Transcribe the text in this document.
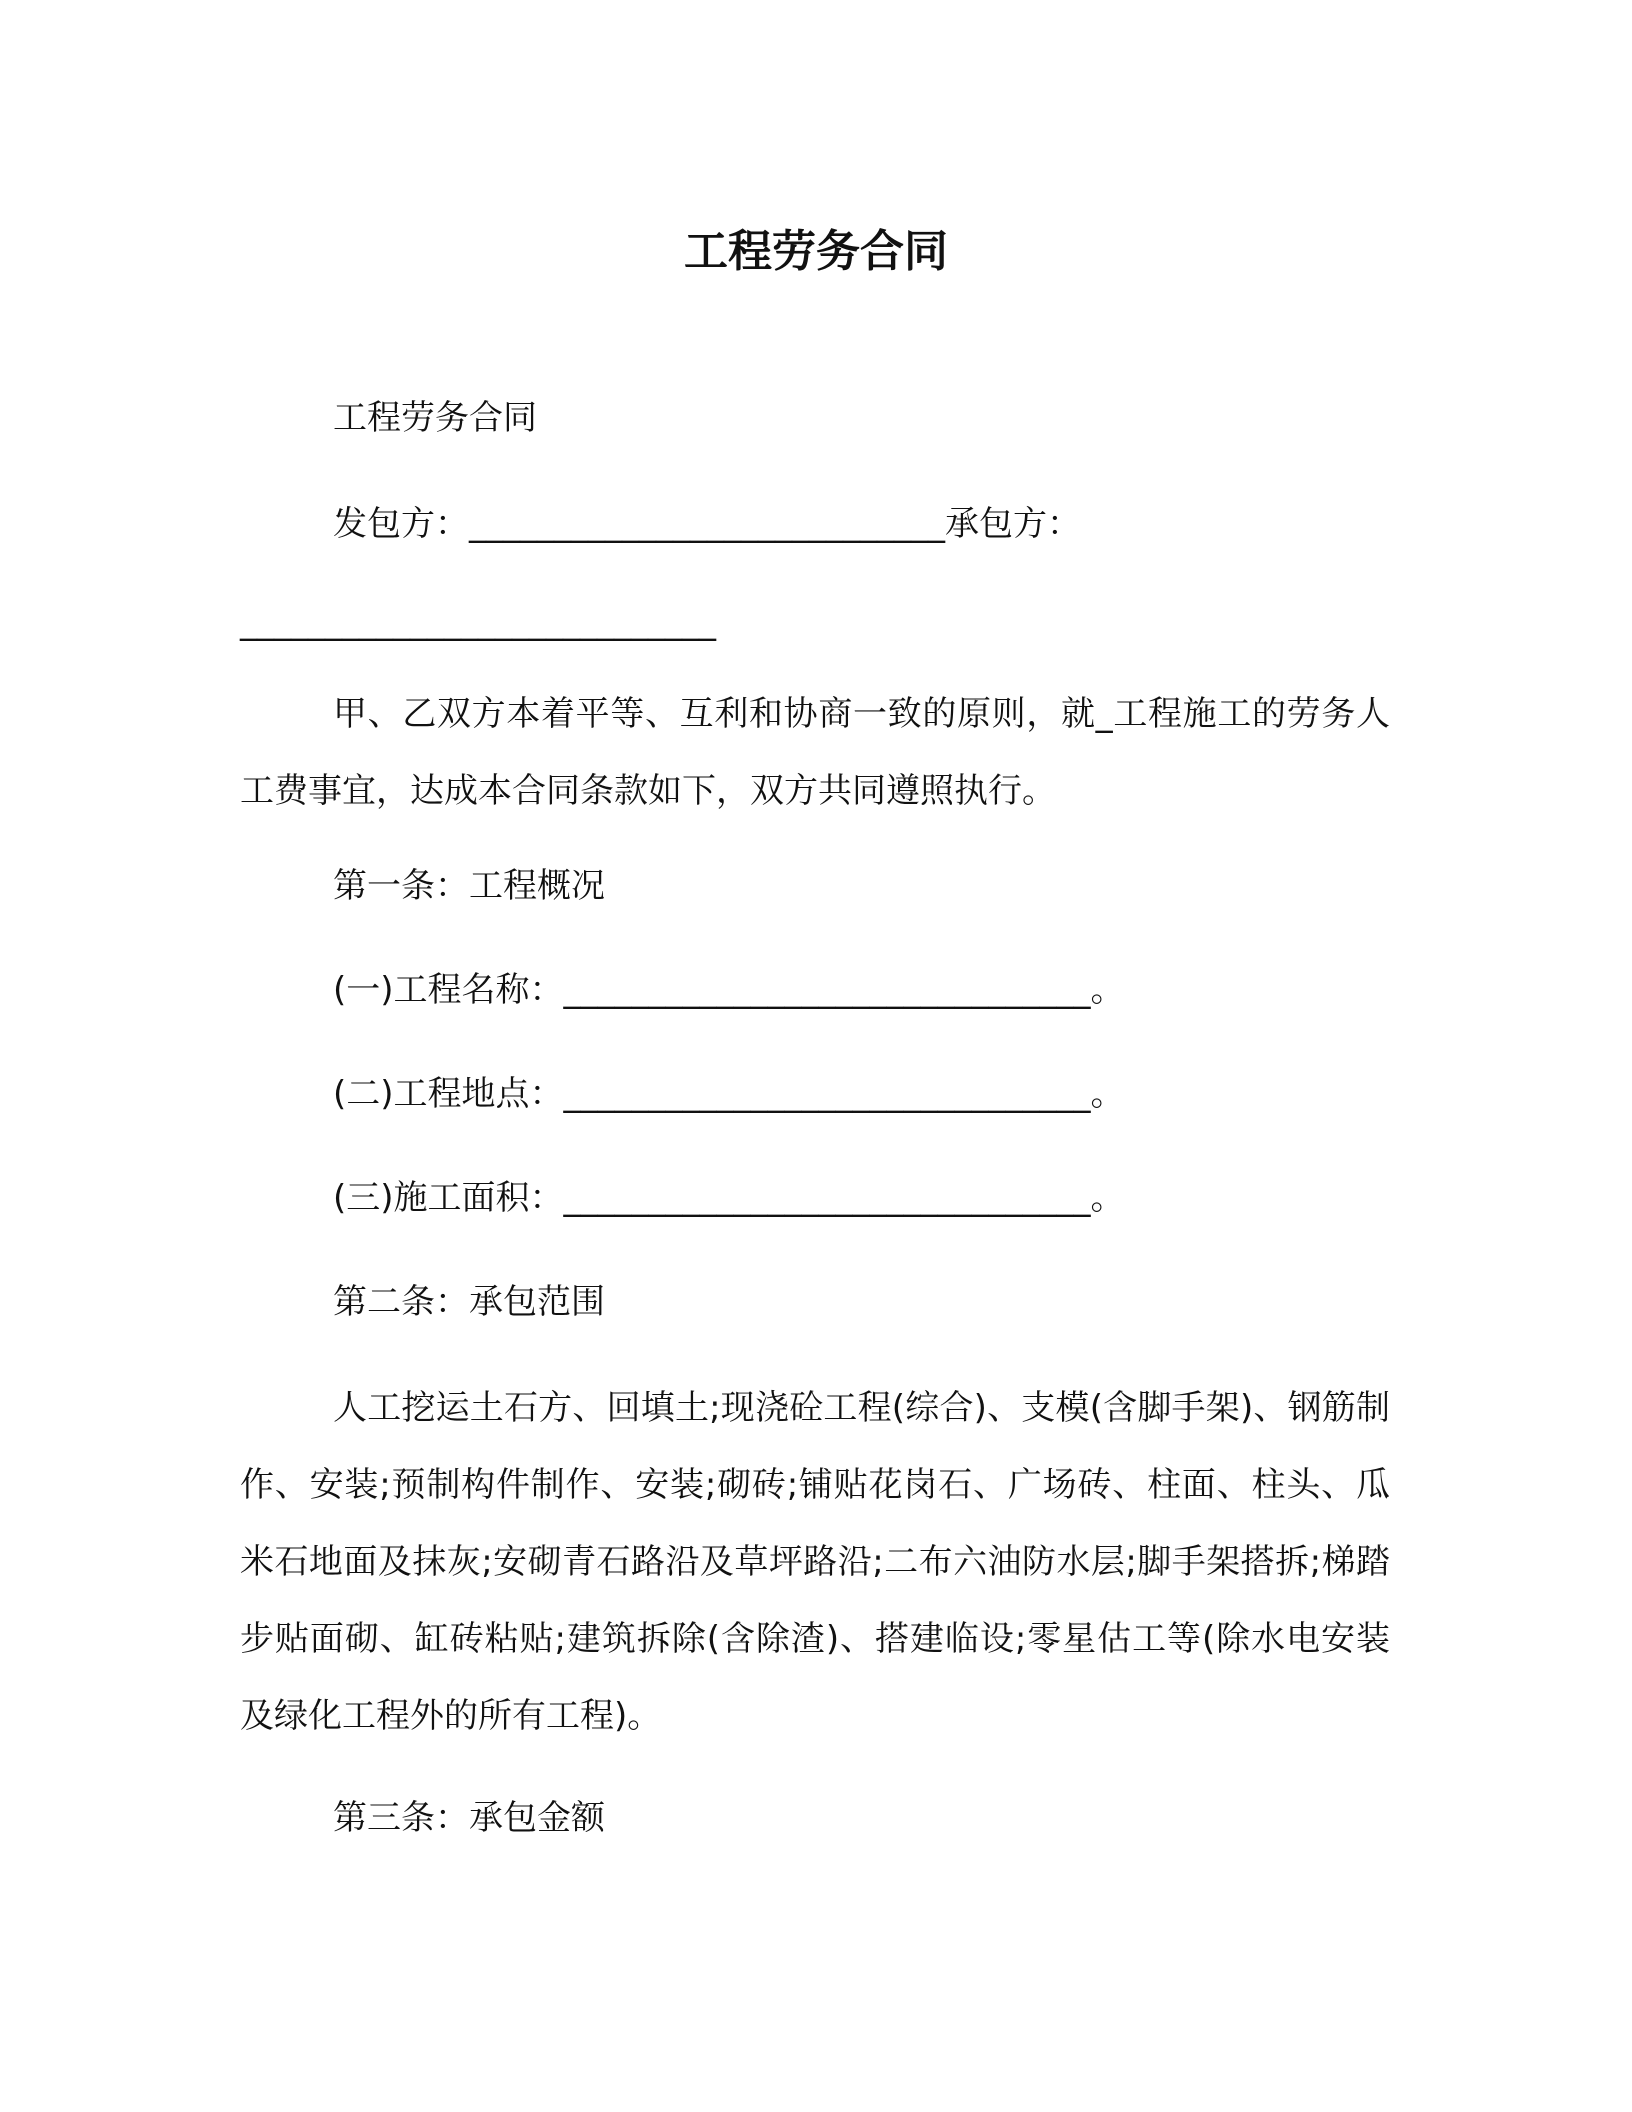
工程劳务合同
工程劳务合同
发包方：____________________________承包方：
____________________________

甲、乙双方本着平等、互利和协商一致的原则，就_工程施工的劳务人工费事宜，达成本合同条款如下，双方共同遵照执行。

第一条：工程概况
(一)工程名称：_______________________________。
(二)工程地点：_______________________________。
(三)施工面积：_______________________________。
第二条：承包范围

人工挖运土石方、回填土;现浇砼工程(综合)、支模(含脚手架)、钢筋制作、安装;预制构件制作、安装;砌砖;铺贴花岗石、广场砖、柱面、柱头、瓜米石地面及抹灰;安砌青石路沿及草坪路沿;二布六油防水层;脚手架搭拆;梯踏步贴面砌、缸砖粘贴;建筑拆除(含除渣)、搭建临设;零星估工等(除水电安装及绿化工程外的所有工程)。

第三条：承包金额
